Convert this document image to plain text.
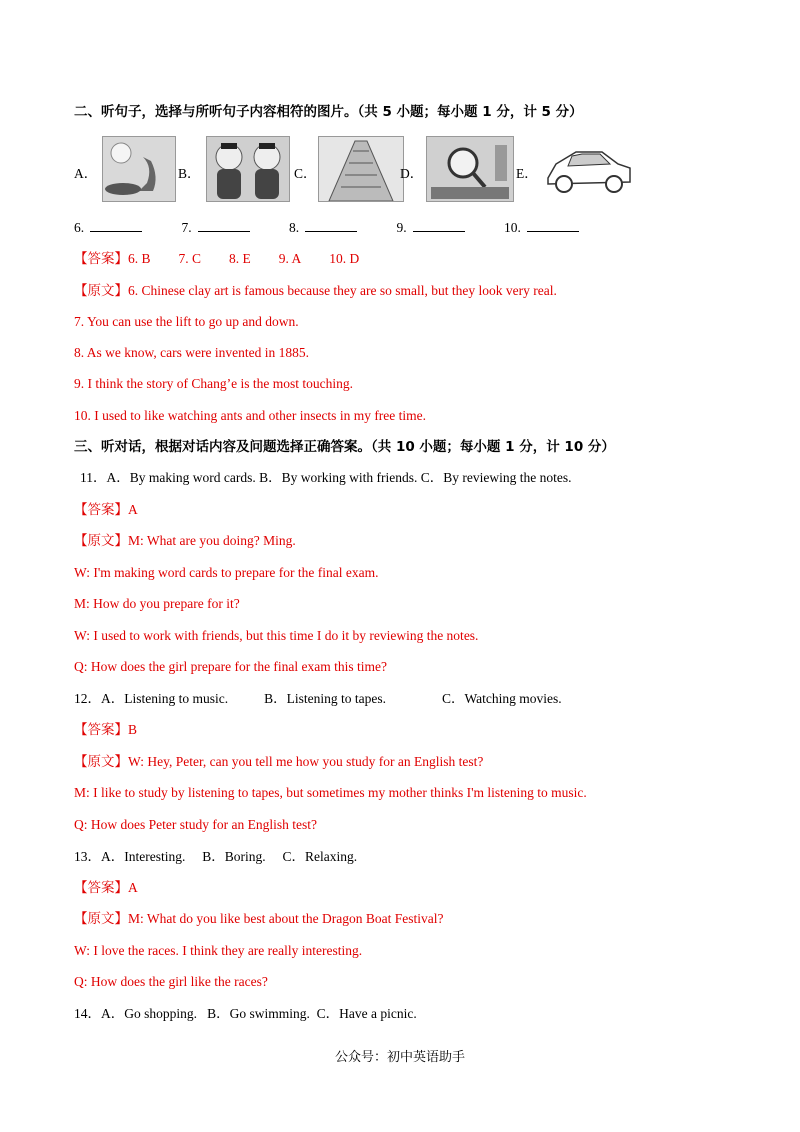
二、听句子，选择与所听句子内容相符的图片。（共 5 小题；每小题 1 分，计 5 分）
A．	B．	C．	D．	E．
6.	7.	8.	9.	10.
【答案】6. B 7. C 8. E 9. A 10. D
【原文】6. Chinese clay art is famous because they are so small, but they look very real.
7. You can use the lift to go up and down.
8. As we know, cars were invented in 1885.
9. I think the story of Chang’e is the most touching.
10. I used to like watching ants and other insects in my free time.
三、听对话，根据对话内容及问题选择正确答案。（共 10 小题；每小题 1 分，计 10 分）
11．A．By making word cards. B．By working with friends. C．By reviewing the notes.
【答案】A
【原文】M: What are you doing? Ming.
W: I'm making word cards to prepare for the final exam.
M: How do you prepare for it?
W: I used to work with friends, but this time I do it by reviewing the notes.
Q: How does the girl prepare for the final exam this time?
12．A．Listening to music.	B．Listening to tapes.	C．Watching movies.
【答案】B
【原文】W: Hey, Peter, can you tell me how you study for an English test?
M: I like to study by listening to tapes, but sometimes my mother thinks I'm listening to music.
Q: How does Peter study for an English test?
13．A．Interesting.     B．Boring.     C．Relaxing.
【答案】A
【原文】M: What do you like best about the Dragon Boat Festival?
W: I love the races. I think they are really interesting.
Q: How does the girl like the races?
14．A．Go shopping.   B．Go swimming.  C．Have a picnic.
公众号：初中英语助手
